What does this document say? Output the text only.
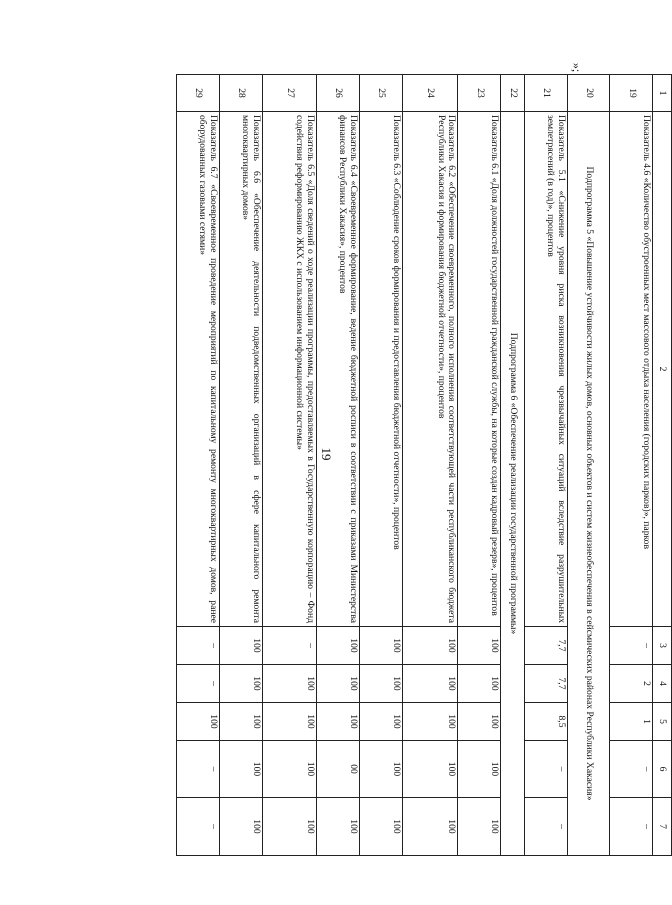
19
»;
1	2	3	4	5	6	7
19	Показатель 4.6 «Количество обустроенных мест массового отдыха населения (городских парков)», парков	–	2	1	–	–
20	Подпрограмма 5 «Повышение устойчивости жилых домов, основных объектов и систем жизнеобеспечения в сейсмических районах Республики Хакасия»					
21	Показатель 5.1 «Снижение уровня риска возникновения чрезвычайных ситуаций вследствие разрушительных землетрясений (в год)», процентов	7,7	7,7	8,5	–	–
22	Подпрограмма 6 «Обеспечение реализации государственной программы»					
23	Показатель 6.1 «Доля должностей государственной гражданской службы, на которые создан кадровый резерв», процентов	100	100	100	100	100
24	Показатель 6.2 «Обеспечение своевременного, полного исполнения соответствующей части республиканского бюджета Республики Хакасия и формирования бюджетной отчетности», процентов	100	100	100	100	100
25	Показатель 6.3 «Соблюдение сроков формирования и предоставления бюджетной отчетности», процентов	100	100	100	100	100
26	Показатель 6.4 «Своевременное формирование, ведение бюджетной росписи в соответствии с приказами Министерства финансов Республики Хакасия», процентов	100	100	100	00	100
27	Показатель 6.5 «Доля сведений о ходе реализации программы, предоставляемых в Государственную корпорацию – Фонд содействия реформированию ЖКХ с использованием информационной системы»	–	100	100	100	100
28	Показатель 6.6 «Обеспечение деятельности подведомственных организаций в сфере капитального ремонта многоквартирных домов»	100	100	100	100	100
29	Показатель 6.7 «Своевременное проведение мероприятий по капитальному ремонту многоквартирных домов, ранее оборудованных газовыми сетями»	–	–	100	–	–
